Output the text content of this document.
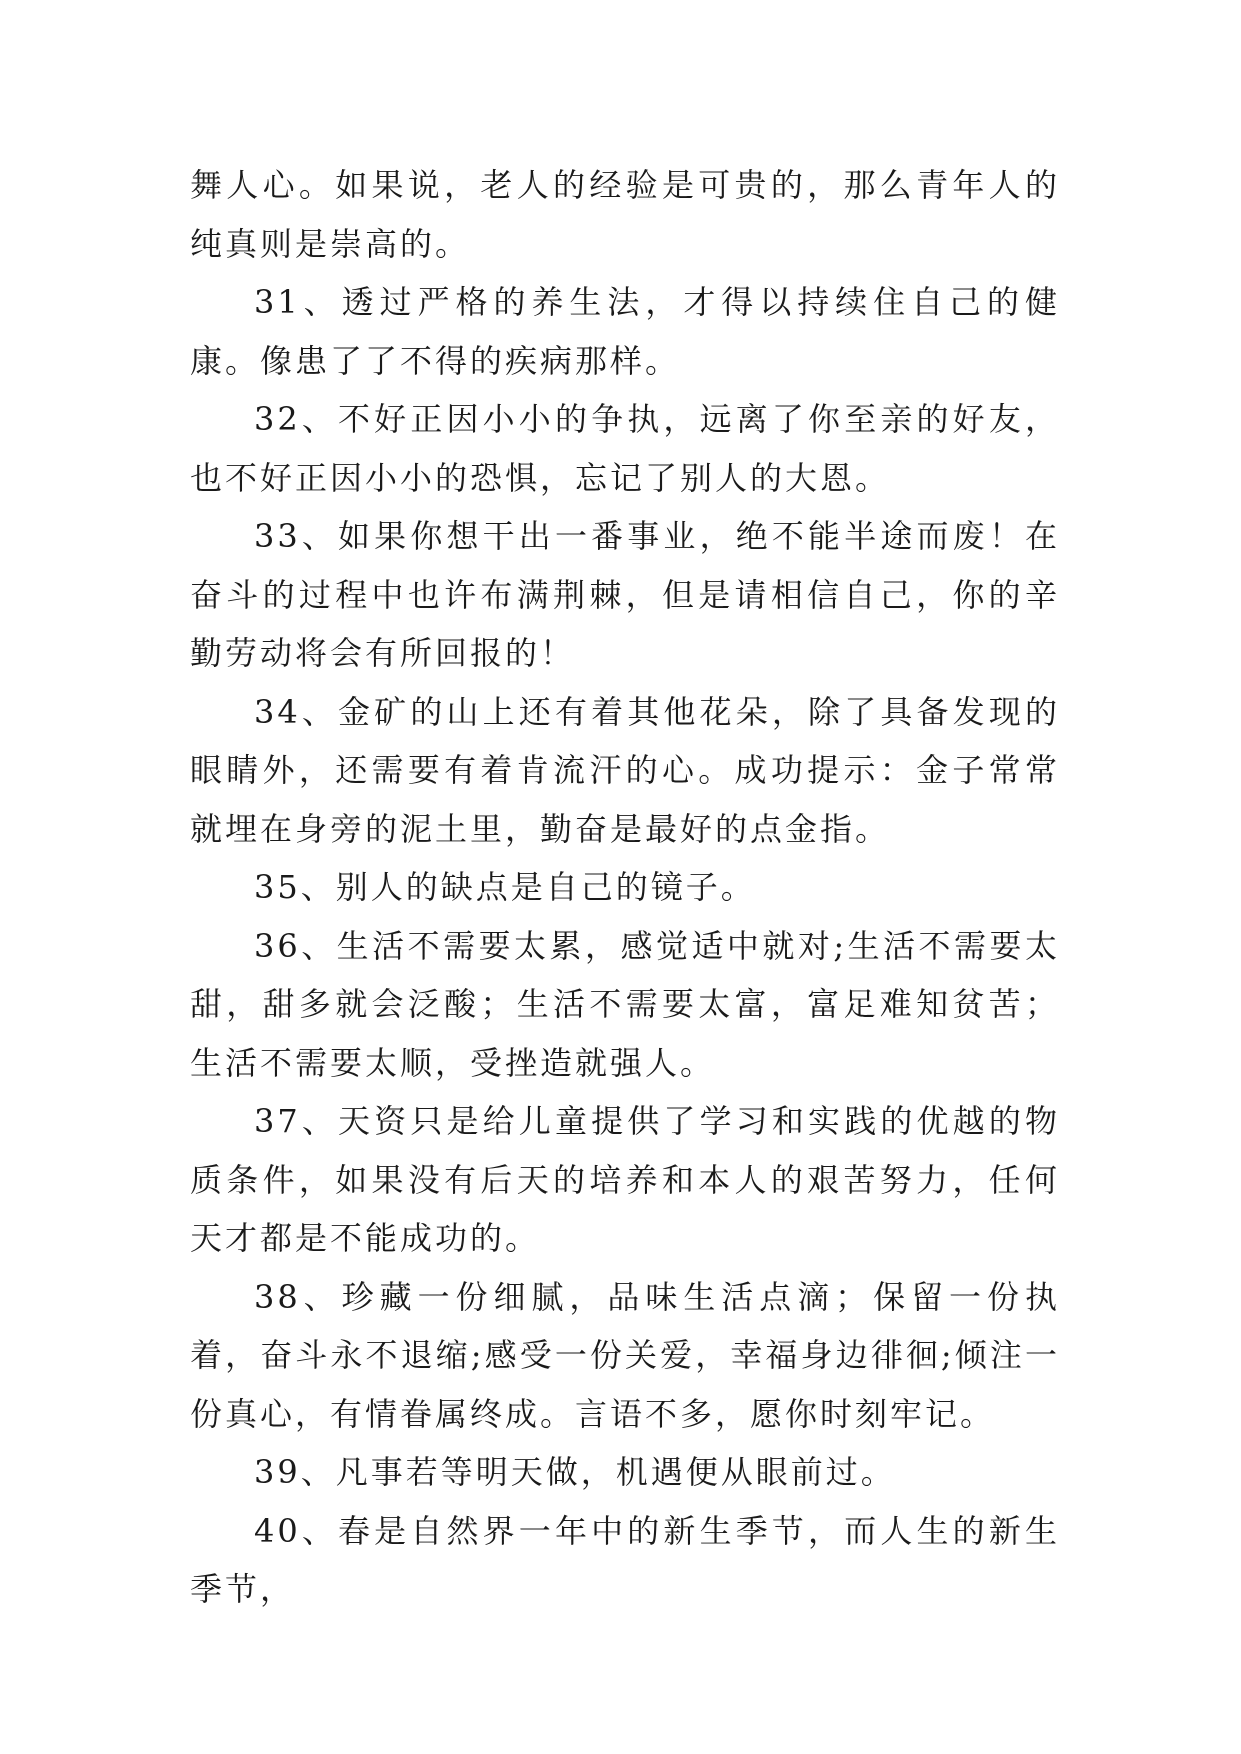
舞人心。如果说，老人的经验是可贵的，那么青年人的纯真则是崇高的。

31、透过严格的养生法，才得以持续住自己的健康。像患了了不得的疾病那样。

32、不好正因小小的争执，远离了你至亲的好友，也不好正因小小的恐惧，忘记了别人的大恩。

33、如果你想干出一番事业，绝不能半途而废！在奋斗的过程中也许布满荆棘，但是请相信自己，你的辛勤劳动将会有所回报的！

34、金矿的山上还有着其他花朵，除了具备发现的眼睛外，还需要有着肯流汗的心。成功提示：金子常常就埋在身旁的泥土里，勤奋是最好的点金指。

35、别人的缺点是自己的镜子。

36、生活不需要太累，感觉适中就对;生活不需要太甜，甜多就会泛酸；生活不需要太富，富足难知贫苦；生活不需要太顺，受挫造就强人。

37、天资只是给儿童提供了学习和实践的优越的物质条件，如果没有后天的培养和本人的艰苦努力，任何天才都是不能成功的。

38、珍藏一份细腻，品味生活点滴；保留一份执着，奋斗永不退缩;感受一份关爱，幸福身边徘徊;倾注一份真心，有情眷属终成。言语不多，愿你时刻牢记。

39、凡事若等明天做，机遇便从眼前过。

40、春是自然界一年中的新生季节，而人生的新生季节，
